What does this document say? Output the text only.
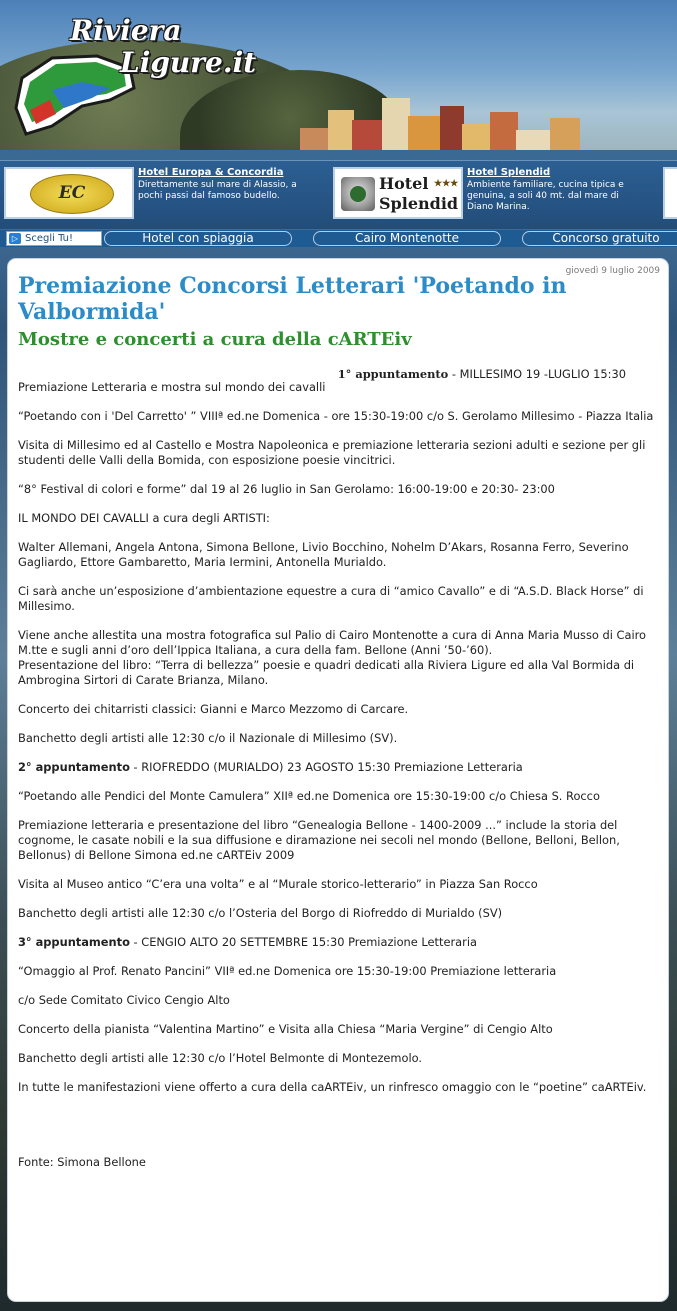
Riviera
Ligure.it
EC
Hotel Europa & Concordia
Direttamente sul mare di Alassio, a pochi passi dal famoso budello.
Hotel ★★★
Splendid
Hotel Splendid
Ambiente familiare, cucina tipica e genuina, a soli 40 mt. dal mare di Diano Marina.
▷ Scegli Tu!	Hotel con spiaggia	Cairo Montenotte	Concorso gratuito
giovedì 9 luglio 2009
Premiazione Concorsi Letterari 'Poetando in Valbormida'
Mostre e concerti a cura della cARTEiv

1° appuntamento - MILLESIMO 19 -LUGLIO 15:30

Premiazione Letteraria e mostra sul mondo dei cavalli

“Poetando con i 'Del Carretto' ” VIIIª ed.ne Domenica - ore 15:30-19:00 c/o S. Gerolamo Millesimo - Piazza Italia

Visita di Millesimo ed al Castello e Mostra Napoleonica e premiazione letteraria sezioni adulti e sezione per gli studenti delle Valli della Bomida, con esposizione poesie vincitrici.

“8° Festival di colori e forme” dal 19 al 26 luglio in San Gerolamo: 16:00-19:00 e 20:30- 23:00

IL MONDO DEI CAVALLI a cura degli ARTISTI:

Walter Allemani, Angela Antona, Simona Bellone, Livio Bocchino, Nohelm D’Akars, Rosanna Ferro, Severino Gagliardo, Ettore Gambaretto, Maria Iermini, Antonella Murialdo.

Ci sarà anche un’esposizione d’ambientazione equestre a cura di “amico Cavallo” e di “A.S.D. Black Horse” di Millesimo.

Viene anche allestita una mostra fotografica sul Palio di Cairo Montenotte a cura di Anna Maria Musso di Cairo M.tte e sugli anni d’oro dell’Ippica Italiana, a cura della fam. Bellone (Anni ’50-’60).

Presentazione del libro: “Terra di bellezza” poesie e quadri dedicati alla Riviera Ligure ed alla Val Bormida di Ambrogina Sirtori di Carate Brianza, Milano.

Concerto dei chitarristi classici: Gianni e Marco Mezzomo di Carcare.

Banchetto degli artisti alle 12:30 c/o il Nazionale di Millesimo (SV).

2° appuntamento - RIOFREDDO (MURIALDO) 23 AGOSTO 15:30 Premiazione Letteraria

“Poetando alle Pendici del Monte Camulera” XIIª ed.ne Domenica ore 15:30-19:00 c/o Chiesa S. Rocco

Premiazione letteraria e presentazione del libro “Genealogia Bellone - 1400-2009 ...” include la storia del cognome, le casate nobili e la sua diffusione e diramazione nei secoli nel mondo (Bellone, Belloni, Bellon, Bellonus) di Bellone Simona ed.ne cARTEiv 2009

Visita al Museo antico “C’era una volta” e al “Murale storico-letterario” in Piazza San Rocco

Banchetto degli artisti alle 12:30 c/o l’Osteria del Borgo di Riofreddo di Murialdo (SV)

3° appuntamento - CENGIO ALTO 20 SETTEMBRE 15:30 Premiazione Letteraria

“Omaggio al Prof. Renato Pancini” VIIª ed.ne Domenica ore 15:30-19:00 Premiazione letteraria

c/o Sede Comitato Civico Cengio Alto

Concerto della pianista “Valentina Martino” e Visita alla Chiesa “Maria Vergine” di Cengio Alto

Banchetto degli artisti alle 12:30 c/o l’Hotel Belmonte di Montezemolo.

In tutte le manifestazioni viene offerto a cura della caARTEiv, un rinfresco omaggio con le “poetine” caARTEiv.

Fonte: Simona Bellone
